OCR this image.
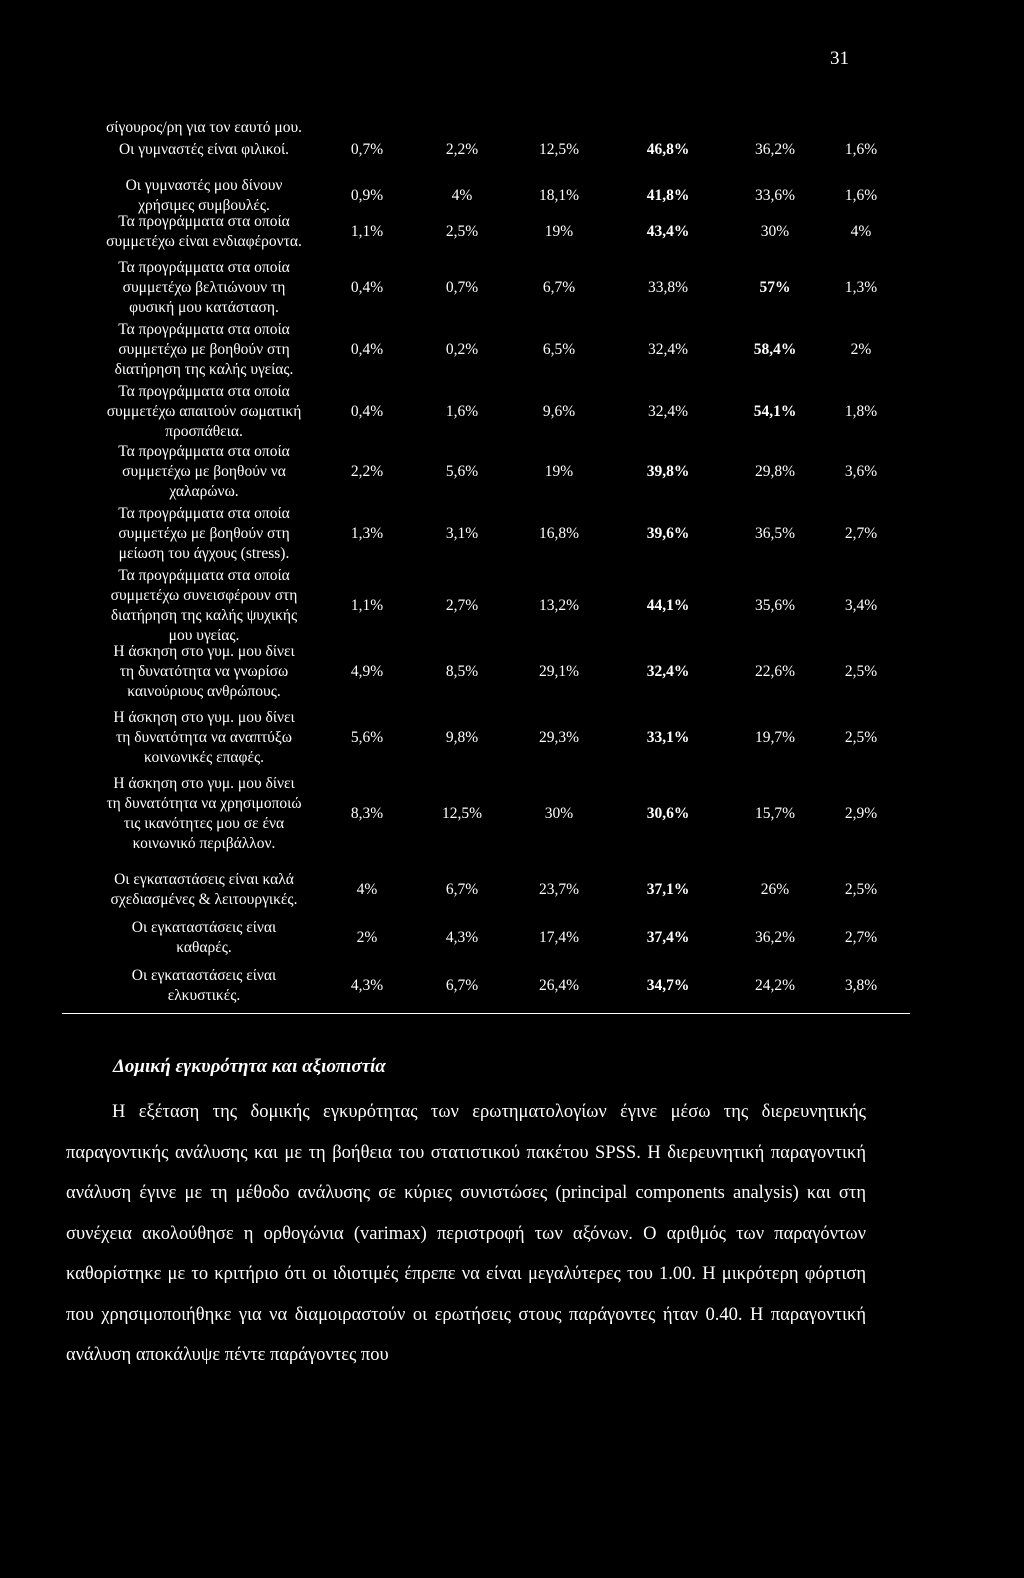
31
σίγουρος/ρη για τον εαυτό μου.
Οι γυμναστές είναι φιλικοί.	0,7%	2,2%	12,5%	46,8%	36,2%	1,6%
Οι γυμναστές μου δίνουν
χρήσιμες συμβουλές.
0,9%	4%	18,1%	41,8%	33,6%	1,6%
Τα προγράμματα στα οποία
συμμετέχω είναι ενδιαφέροντα.
1,1%	2,5%	19%	43,4%	30%	4%
Τα προγράμματα στα οποία
συμμετέχω βελτιώνουν τη
φυσική μου κατάσταση.
0,4%	0,7%	6,7%	33,8%	57%	1,3%
Τα προγράμματα στα οποία
συμμετέχω με βοηθούν στη
διατήρηση της καλής υγείας.
0,4%	0,2%	6,5%	32,4%	58,4%	2%
Τα προγράμματα στα οποία
συμμετέχω απαιτούν σωματική
προσπάθεια.
0,4%	1,6%	9,6%	32,4%	54,1%	1,8%
Τα προγράμματα στα οποία
συμμετέχω με βοηθούν να
χαλαρώνω.
2,2%	5,6%	19%	39,8%	29,8%	3,6%
Τα προγράμματα στα οποία
συμμετέχω με βοηθούν στη
μείωση του άγχους (stress).
1,3%	3,1%	16,8%	39,6%	36,5%	2,7%
Τα προγράμματα στα οποία
συμμετέχω συνεισφέρουν στη
διατήρηση της καλής ψυχικής
μου υγείας.
1,1%	2,7%	13,2%	44,1%	35,6%	3,4%
Η άσκηση στο γυμ. μου δίνει
τη δυνατότητα να γνωρίσω
καινούριους ανθρώπους.
4,9%	8,5%	29,1%	32,4%	22,6%	2,5%
Η άσκηση στο γυμ. μου δίνει
τη δυνατότητα να αναπτύξω
κοινωνικές επαφές.
5,6%	9,8%	29,3%	33,1%	19,7%	2,5%
Η άσκηση στο γυμ. μου δίνει
τη δυνατότητα να χρησιμοποιώ
τις ικανότητες μου σε ένα
κοινωνικό περιβάλλον.
8,3%	12,5%	30%	30,6%	15,7%	2,9%
Οι εγκαταστάσεις είναι καλά
σχεδιασμένες & λειτουργικές.
4%	6,7%	23,7%	37,1%	26%	2,5%
Οι εγκαταστάσεις είναι
καθαρές.
2%	4,3%	17,4%	37,4%	36,2%	2,7%
Οι εγκαταστάσεις είναι
ελκυστικές.
4,3%	6,7%	26,4%	34,7%	24,2%	3,8%
Δομική εγκυρότητα και αξιοπιστία
Η εξέταση της δομικής εγκυρότητας των ερωτηματολογίων έγινε μέσω της διερευνητικής παραγοντικής ανάλυσης και με τη βοήθεια του στατιστικού πακέτου SPSS. Η διερευνητική παραγοντική ανάλυση έγινε με τη μέθοδο ανάλυσης σε κύριες συνιστώσες (principal components analysis) και στη συνέχεια ακολούθησε η ορθογώνια (varimax) περιστροφή των αξόνων. Ο αριθμός των παραγόντων καθορίστηκε με το κριτήριο ότι οι ιδιοτιμές έπρεπε να είναι μεγαλύτερες του 1.00. Η μικρότερη φόρτιση που χρησιμοποιήθηκε για να διαμοιραστούν οι ερωτήσεις στους παράγοντες ήταν 0.40. Η παραγοντική ανάλυση αποκάλυψε πέντε παράγοντες που
